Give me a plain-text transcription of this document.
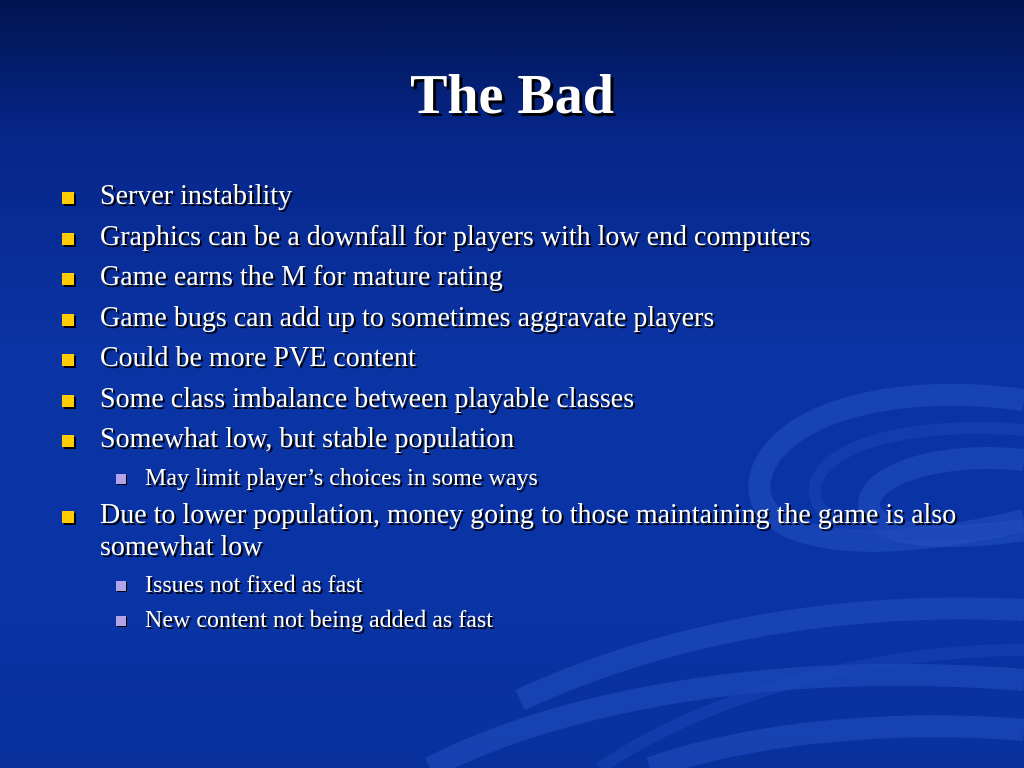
The Bad
Server instability
Graphics can be a downfall for players with low end computers
Game earns the M for mature rating
Game bugs can add up to sometimes aggravate players
Could be more PVE content
Some class imbalance between playable classes
Somewhat low, but stable population
May limit player’s choices in some ways
Due to lower population, money going to those maintaining the game is also somewhat low
Issues not fixed as fast
New content not being added as fast
